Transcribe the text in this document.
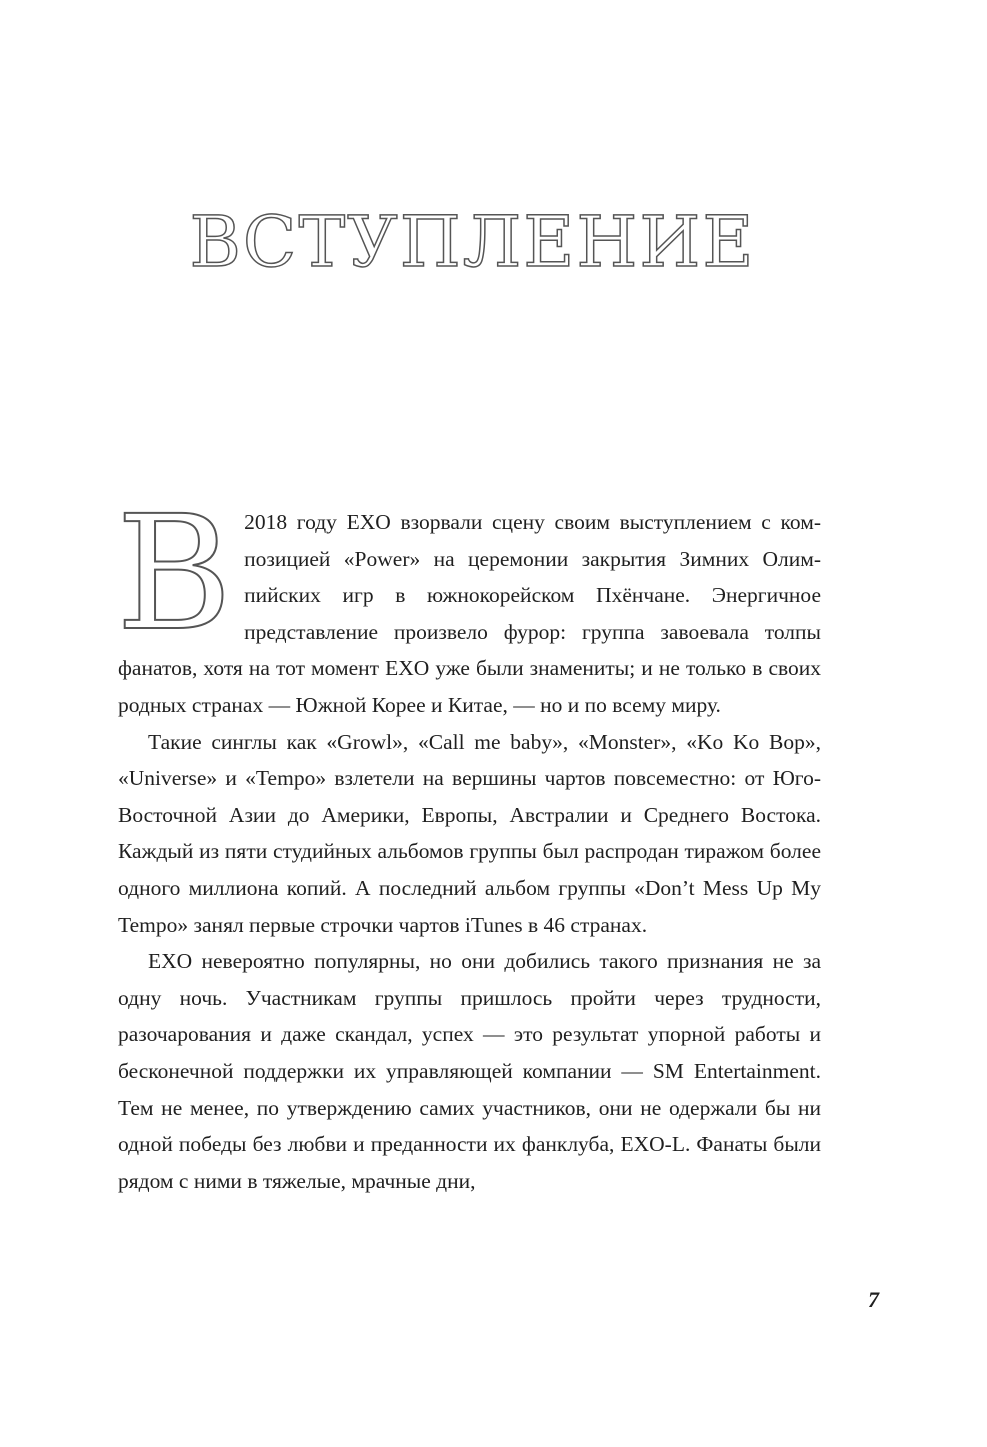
ВСТУПЛЕНИЕ

В 2018 году EXO взорвали сцену своим выступлением с композицией «Power» на церемонии закрытия Зимних Олимпийских игр в южнокорейском Пхёнчане. Энергичное представление произвело фурор: группа завоевала толпы фанатов, хотя на тот момент EXO уже были знамениты; и не только в своих родных странах — Южной Корее и Китае, — но и по всему миру.

Такие синглы как «Growl», «Call me baby», «Monster», «Ko Ko Bop», «Universe» и «Tempo» взлетели на вершины чартов повсеместно: от Юго-Восточной Азии до Америки, Европы, Австралии и Среднего Востока. Каждый из пяти студийных альбомов группы был распродан тиражом более одного миллиона копий. А последний альбом группы «Don’t Mess Up My Tempo» занял первые строчки чартов iTunes в 46 странах.

EXO невероятно популярны, но они добились такого признания не за одну ночь. Участникам группы пришлось пройти через трудности, разочарования и даже скандал, успех — это результат упорной работы и бесконечной поддержки их управляющей компании — SM Entertainment. Тем не менее, по утверждению самих участников, они не одержали бы ни одной победы без любви и преданности их фанклуба, EXO-L. Фанаты были рядом с ними в тяжелые, мрачные дни,

7
